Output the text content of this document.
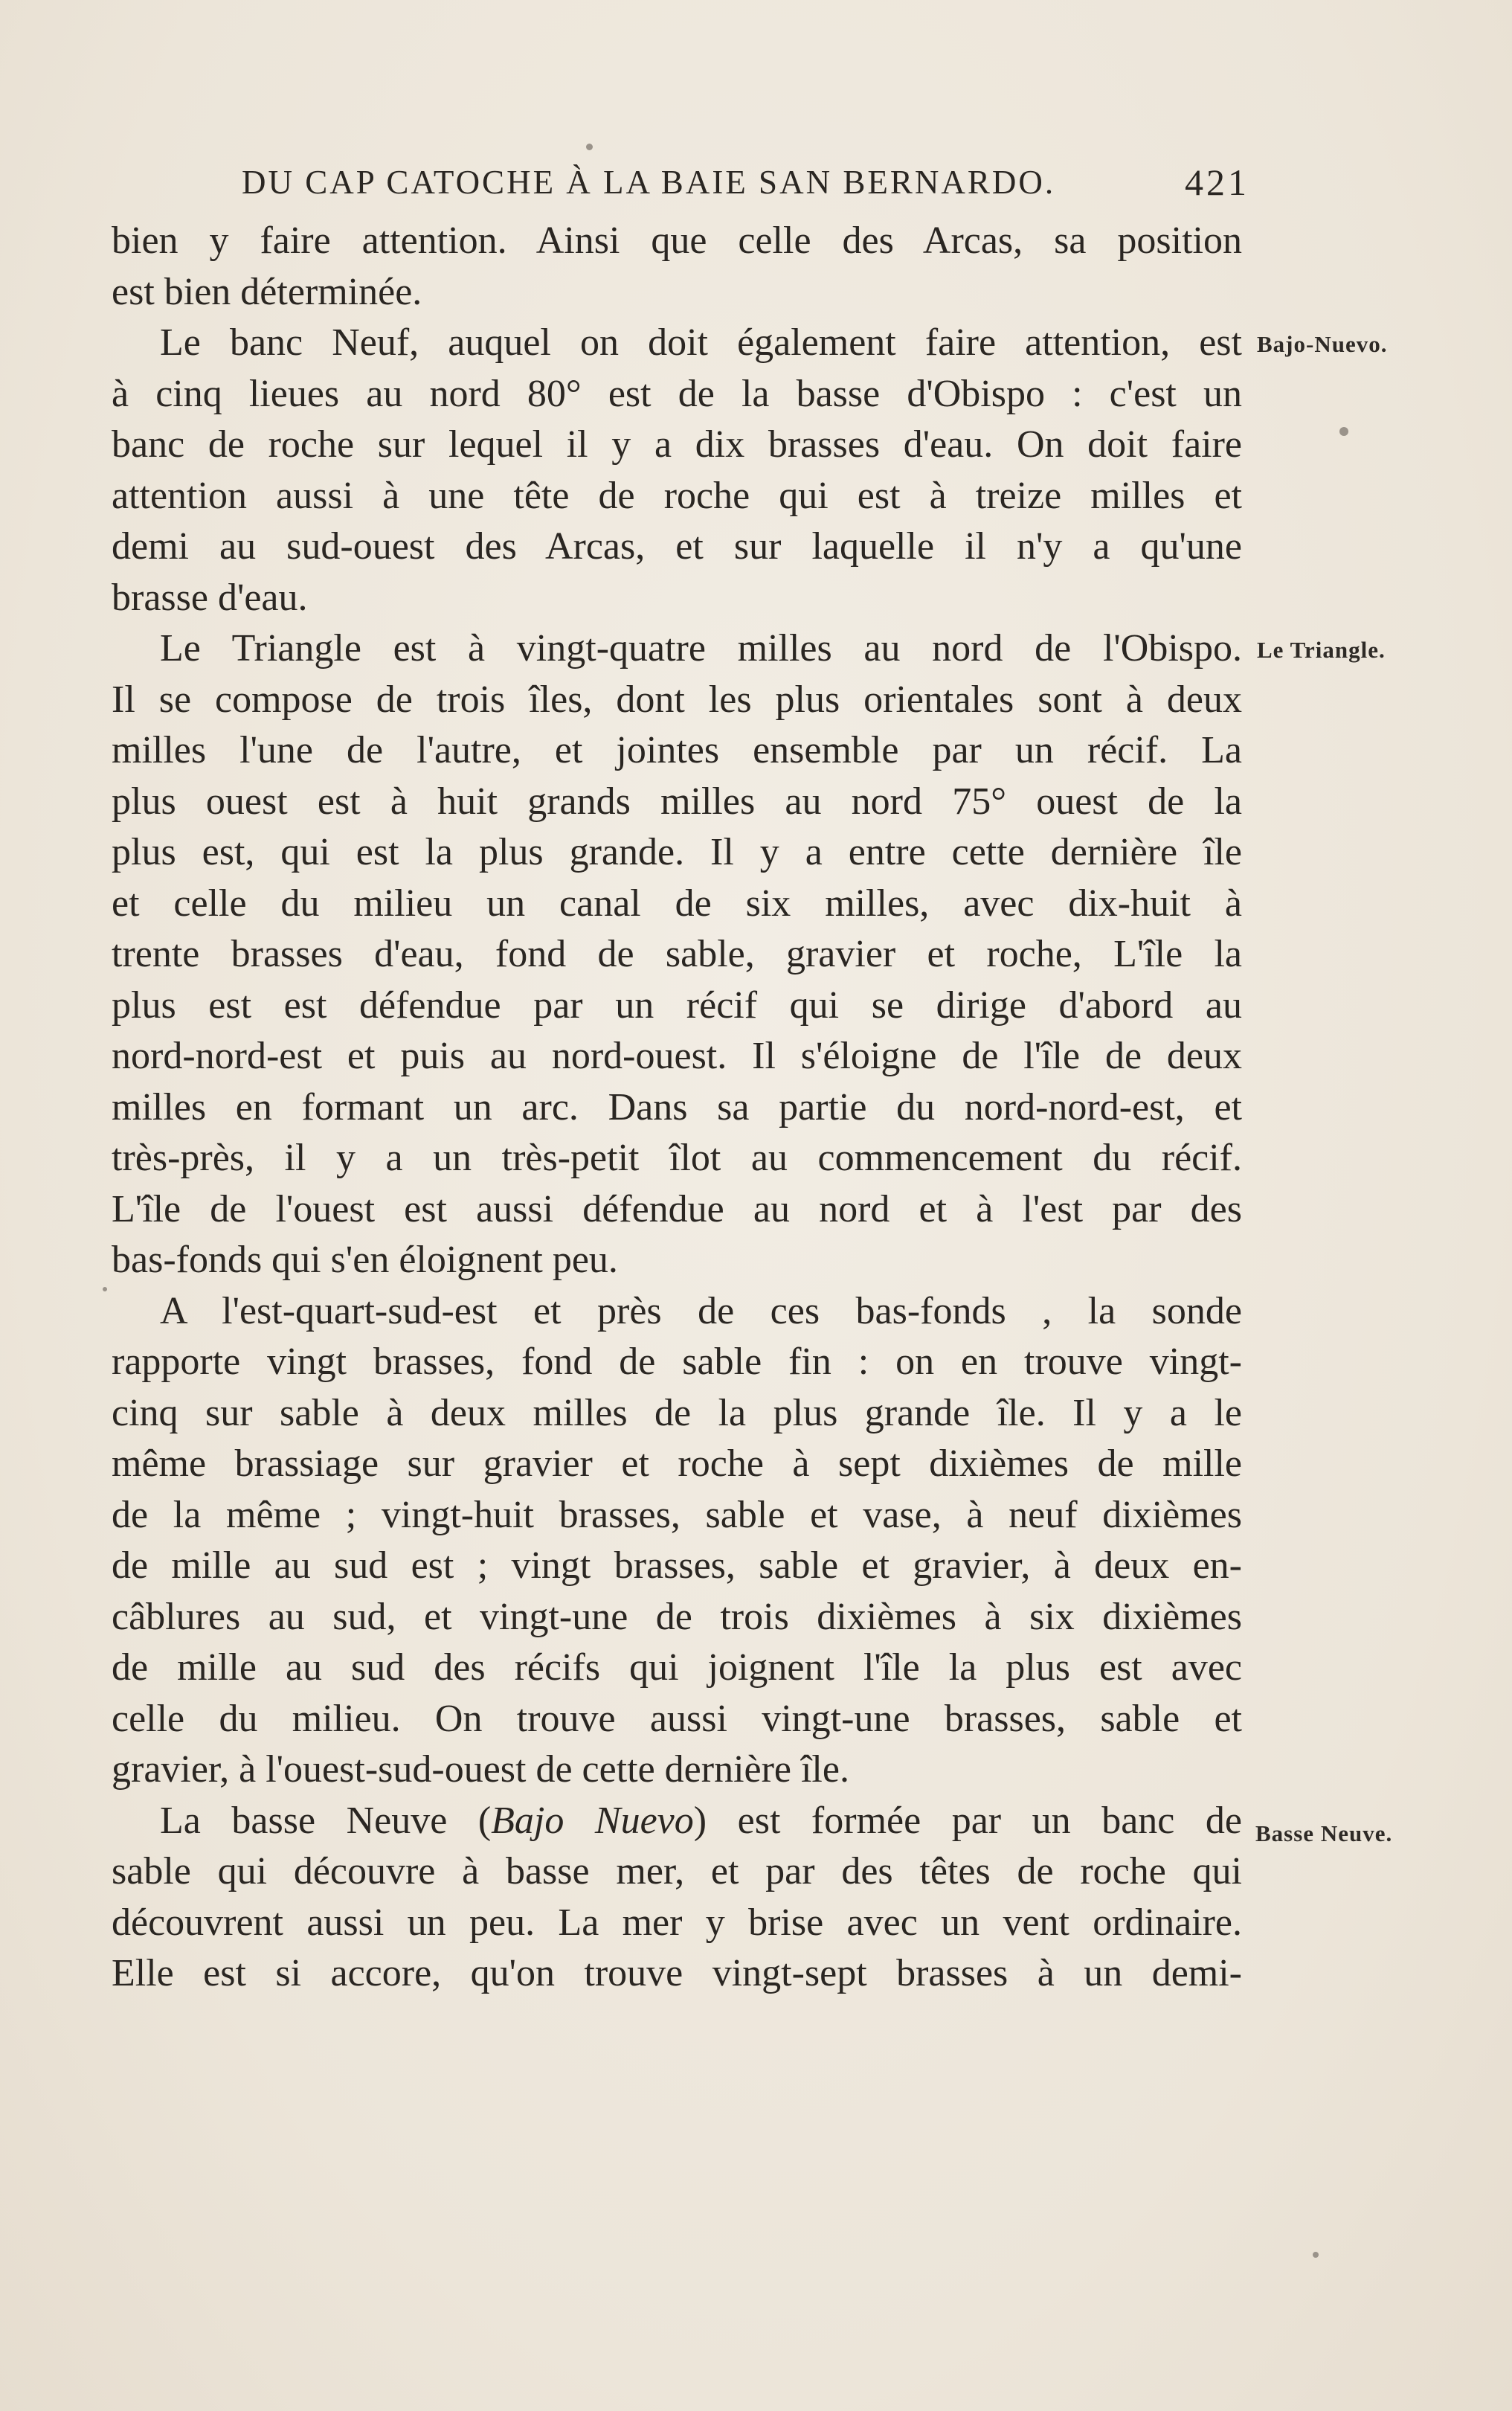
DU CAP CATOCHE À LA BAIE SAN BERNARDO.	421
bien y faire attention. Ainsi que celle des Arcas, sa position
est bien déterminée.
Le banc Neuf, auquel on doit également faire attention, est
à cinq lieues au nord 80° est de la basse d'Obispo : c'est un
banc de roche sur lequel il y a dix brasses d'eau. On doit faire
attention aussi à une tête de roche qui est à treize milles et
demi au sud-ouest des Arcas, et sur laquelle il n'y a qu'une
brasse d'eau.
Le Triangle est à vingt-quatre milles au nord de l'Obispo.
Il se compose de trois îles, dont les plus orientales sont à deux
milles l'une de l'autre, et jointes ensemble par un récif. La
plus ouest est à huit grands milles au nord 75° ouest de la
plus est, qui est la plus grande. Il y a entre cette dernière île
et celle du milieu un canal de six milles, avec dix-huit à
trente brasses d'eau, fond de sable, gravier et roche, L'île la
plus est est défendue par un récif qui se dirige d'abord au
nord-nord-est et puis au nord-ouest. Il s'éloigne de l'île de deux
milles en formant un arc. Dans sa partie du nord-nord-est, et
très-près, il y a un très-petit îlot au commencement du récif.
L'île de l'ouest est aussi défendue au nord et à l'est par des
bas-fonds qui s'en éloignent peu.
A l'est-quart-sud-est et près de ces bas-fonds , la sonde
rapporte vingt brasses, fond de sable fin : on en trouve vingt-
cinq sur sable à deux milles de la plus grande île. Il y a le
même brassiage sur gravier et roche à sept dixièmes de mille
de la même ; vingt-huit brasses, sable et vase, à neuf dixièmes
de mille au sud est ; vingt brasses, sable et gravier, à deux en-
câblures au sud, et vingt-une de trois dixièmes à six dixièmes
de mille au sud des récifs qui joignent l'île la plus est avec
celle du milieu. On trouve aussi vingt-une brasses, sable et
gravier, à l'ouest-sud-ouest de cette dernière île.
La basse Neuve (Bajo Nuevo) est formée par un banc de
sable qui découvre à basse mer, et par des têtes de roche qui
découvrent aussi un peu. La mer y brise avec un vent ordinaire.
Elle est si accore, qu'on trouve vingt-sept brasses à un demi-
Bajo-Nuevo.
Le Triangle.
Basse Neuve.
